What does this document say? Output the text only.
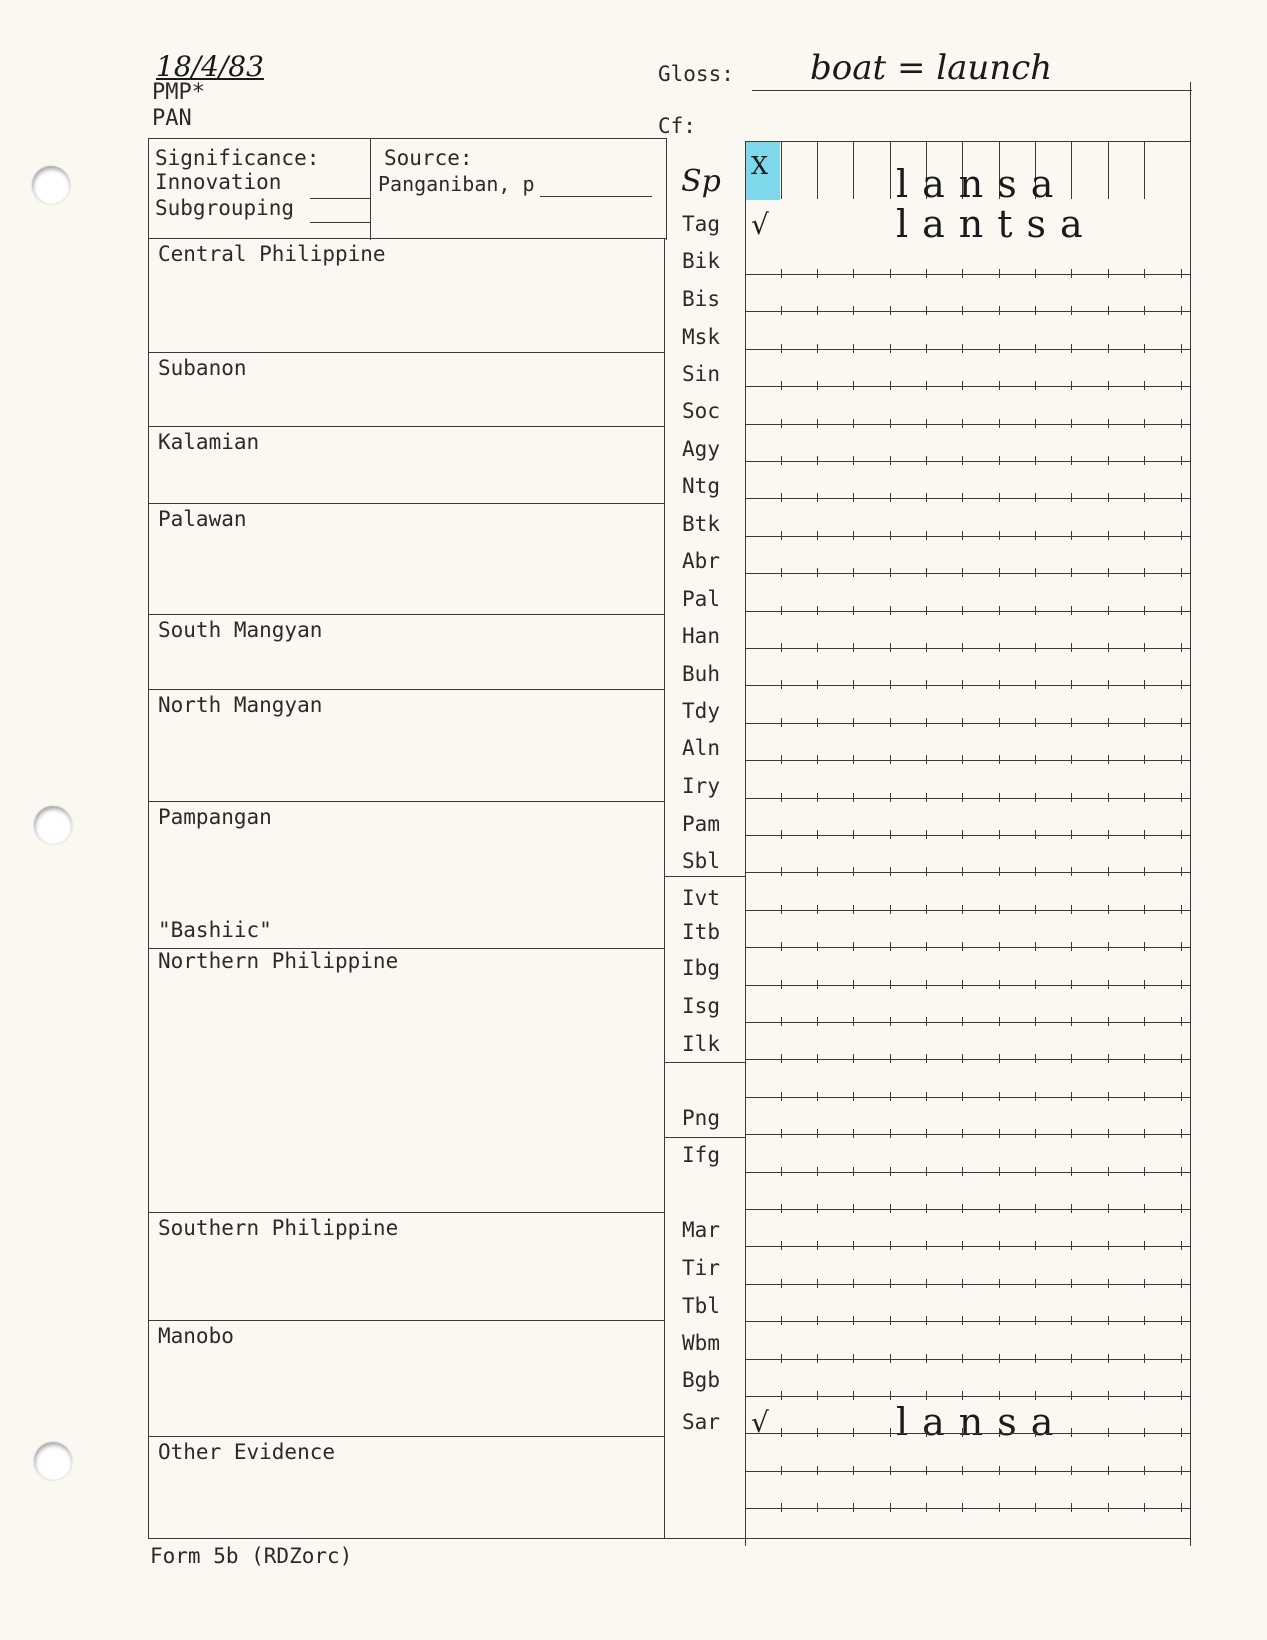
18/4/83
PMP*
PAN
Gloss: boat = launch
Cf:
Significance:
Innovation
Subgrouping
Source:
Panganiban, p
Central Philippine
Subanon
Kalamian
Palawan
South Mangyan
North Mangyan
Pampangan
"Bashiic"
Northern Philippine
Southern Philippine
Manobo
Other Evidence
Sp	X	lansa
Tag	√	lantsa
Bik
Bis
Msk
Sin
Soc
Agy
Ntg
Btk
Abr
Pal
Han
Buh
Tdy
Aln
Iry
Pam
Sbl
Ivt
Itb
Ibg
Isg
Ilk
Png
Ifg
Mar
Tir
Tbl
Wbm
Bgb
Sar	√	lansa
Form 5b (RDZorc)
